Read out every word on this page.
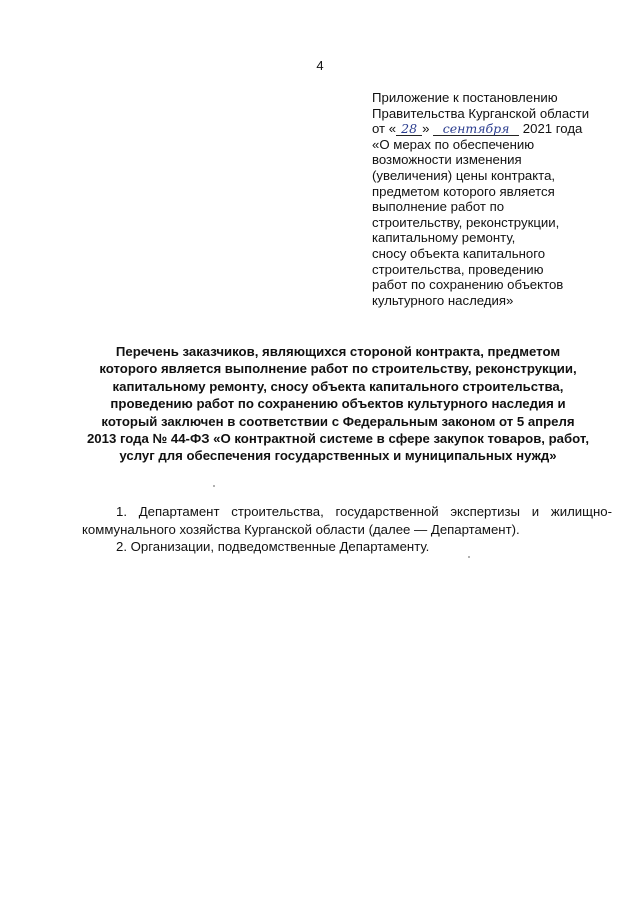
4
Приложение к постановлению
Правительства Курганской области
от « 28 » сентября 2021 года
«О мерах по обеспечению
возможности изменения
(увеличения) цены контракта,
предметом которого является
выполнение работ по
строительству, реконструкции,
капитальному ремонту,
сносу объекта капитального
строительства, проведению
работ по сохранению объектов
культурного наследия»
Перечень заказчиков, являющихся стороной контракта, предметом
которого является выполнение работ по строительству, реконструкции,
капитальному ремонту, сносу объекта капитального строительства,
проведению работ по сохранению объектов культурного наследия и
который заключен в соответствии с Федеральным законом от 5 апреля
2013 года № 44-ФЗ «О контрактной системе в сфере закупок товаров, работ,
услуг для обеспечения государственных и муниципальных нужд»
1. Департамент строительства, государственной экспертизы и жилищно-
коммунального хозяйства Курганской области (далее — Департамент).
2. Организации, подведомственные Департаменту.
